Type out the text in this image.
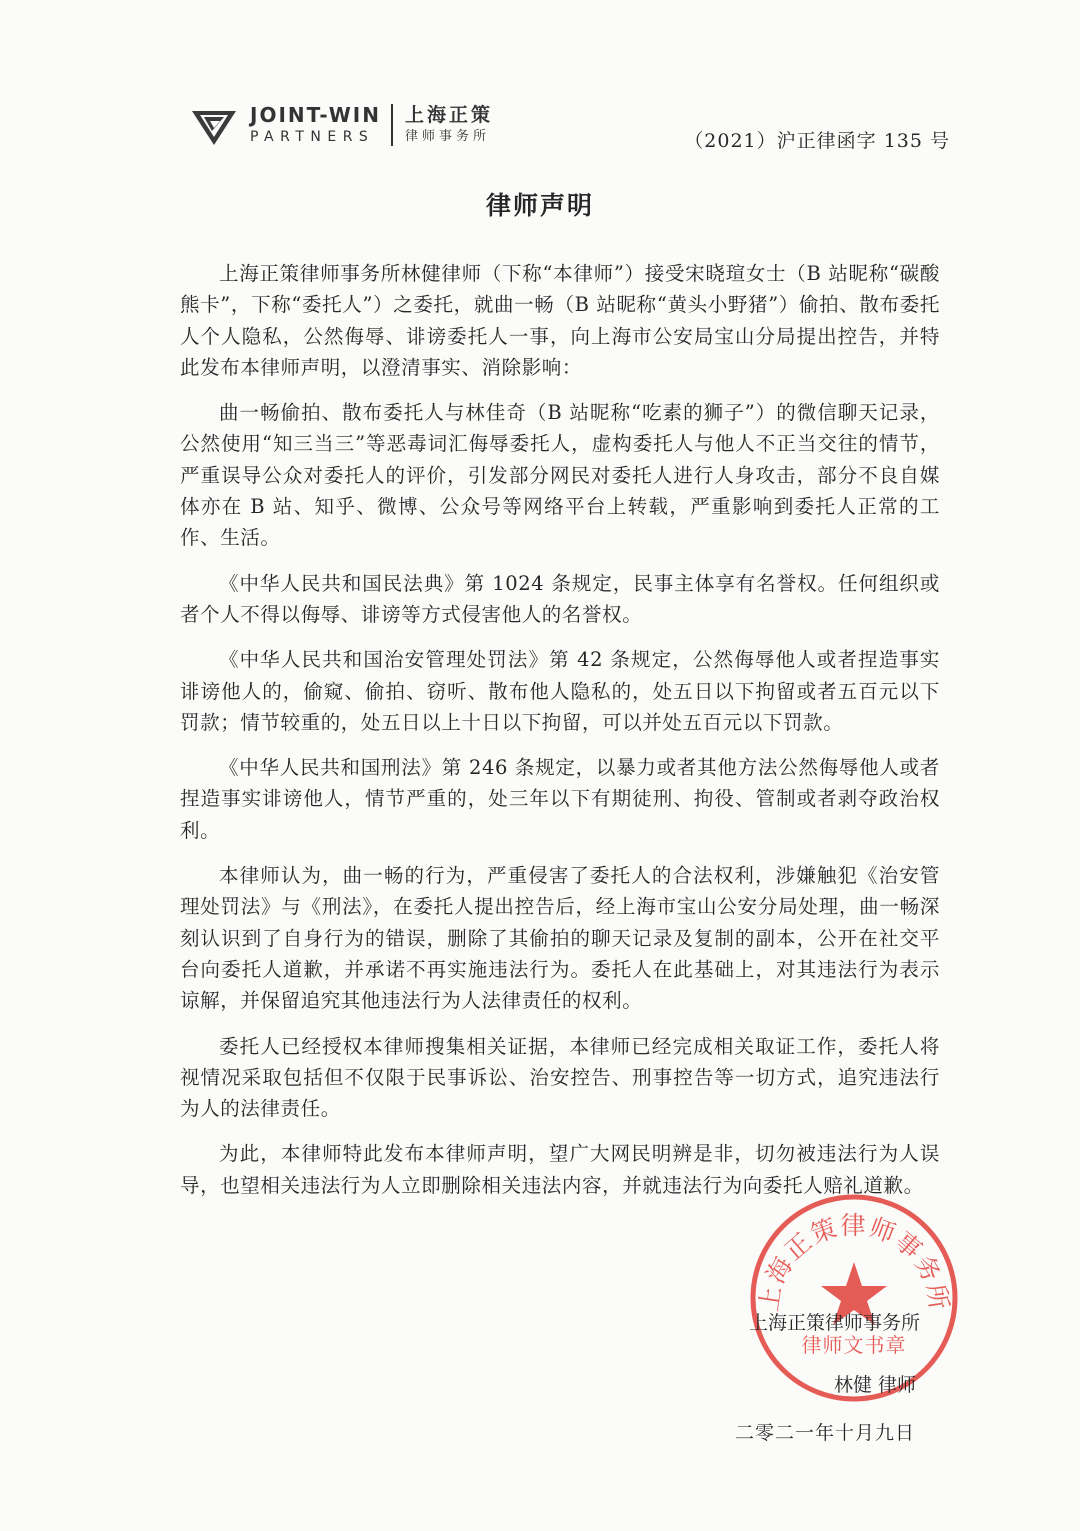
JOINT-WIN
PARTNERS
上海正策
律师事务所	（2021）沪正律函字 135 号
律师声明

上海正策律师事务所林健律师（下称“本律师”）接受宋晓瑄女士（B 站昵称“碳酸熊卡”，下称“委托人”）之委托，就曲一畅（B 站昵称“黄头小野猪”）偷拍、散布委托人个人隐私，公然侮辱、诽谤委托人一事，向上海市公安局宝山分局提出控告，并特此发布本律师声明，以澄清事实、消除影响：

曲一畅偷拍、散布委托人与林佳奇（B 站昵称“吃素的狮子”）的微信聊天记录，公然使用“知三当三”等恶毒词汇侮辱委托人，虚构委托人与他人不正当交往的情节，严重误导公众对委托人的评价，引发部分网民对委托人进行人身攻击，部分不良自媒体亦在 B 站、知乎、微博、公众号等网络平台上转载，严重影响到委托人正常的工作、生活。

《中华人民共和国民法典》第 1024 条规定，民事主体享有名誉权。任何组织或者个人不得以侮辱、诽谤等方式侵害他人的名誉权。

《中华人民共和国治安管理处罚法》第 42 条规定，公然侮辱他人或者捏造事实诽谤他人的，偷窥、偷拍、窃听、散布他人隐私的，处五日以下拘留或者五百元以下罚款；情节较重的，处五日以上十日以下拘留，可以并处五百元以下罚款。

《中华人民共和国刑法》第 246 条规定，以暴力或者其他方法公然侮辱他人或者捏造事实诽谤他人，情节严重的，处三年以下有期徒刑、拘役、管制或者剥夺政治权利。

本律师认为，曲一畅的行为，严重侵害了委托人的合法权利，涉嫌触犯《治安管理处罚法》与《刑法》，在委托人提出控告后，经上海市宝山公安分局处理，曲一畅深刻认识到了自身行为的错误，删除了其偷拍的聊天记录及复制的副本，公开在社交平台向委托人道歉，并承诺不再实施违法行为。委托人在此基础上，对其违法行为表示谅解，并保留追究其他违法行为人法律责任的权利。

委托人已经授权本律师搜集相关证据，本律师已经完成相关取证工作，委托人将视情况采取包括但不仅限于民事诉讼、治安控告、刑事控告等一切方式，追究违法行为人的法律责任。

为此，本律师特此发布本律师声明，望广大网民明辨是非，切勿被违法行为人误导，也望相关违法行为人立即删除相关违法内容，并就违法行为向委托人赔礼道歉。

上海正策律师事务所
律师文书章
上海正策律师事务所
林健 律师
二零二一年十月九日
